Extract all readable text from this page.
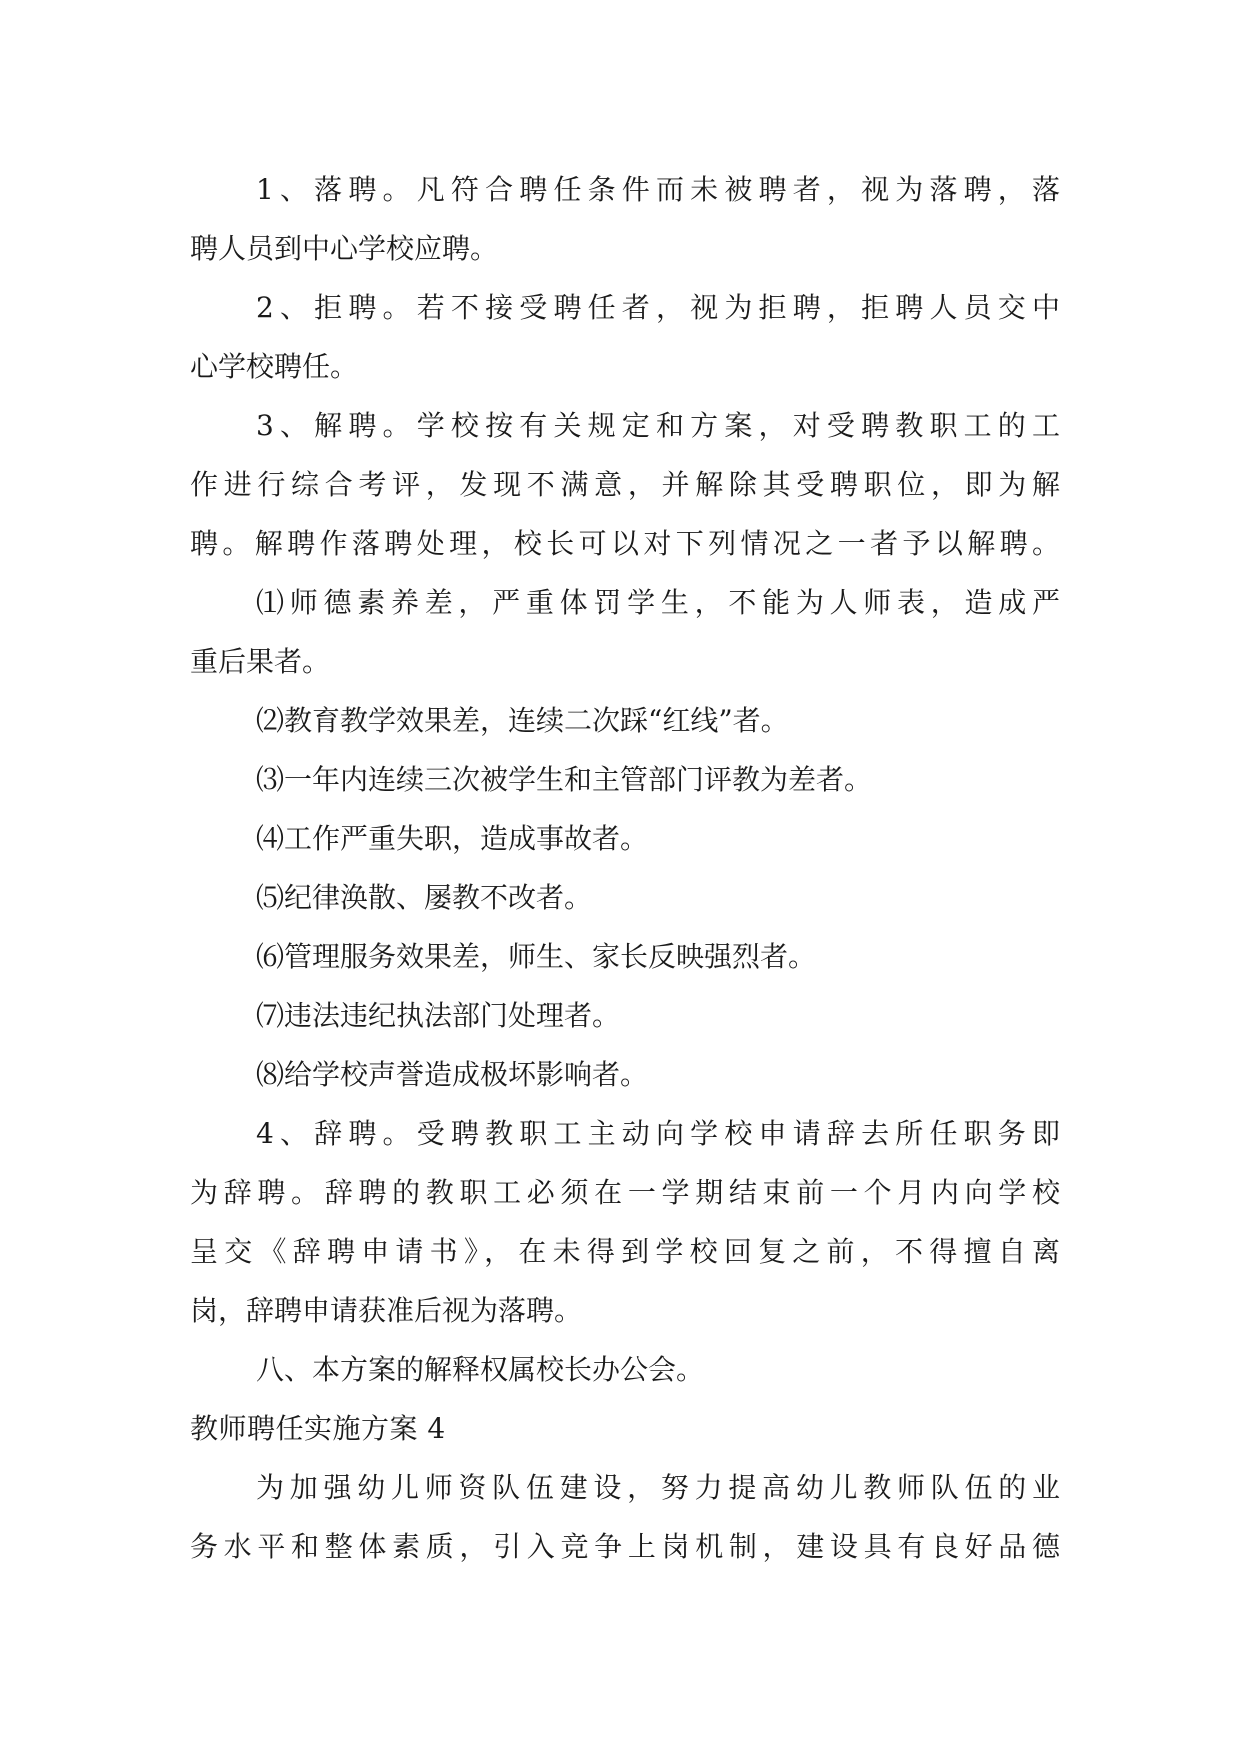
1、落聘。凡符合聘任条件而未被聘者，视为落聘，落
聘人员到中心学校应聘。
2、拒聘。若不接受聘任者，视为拒聘，拒聘人员交中
心学校聘任。
3、解聘。学校按有关规定和方案，对受聘教职工的工
作进行综合考评，发现不满意，并解除其受聘职位，即为解
聘。解聘作落聘处理，校长可以对下列情况之一者予以解聘。
⑴师德素养差，严重体罚学生，不能为人师表，造成严
重后果者。
⑵教育教学效果差，连续二次踩“红线”者。
⑶一年内连续三次被学生和主管部门评教为差者。
⑷工作严重失职，造成事故者。
⑸纪律涣散、屡教不改者。
⑹管理服务效果差，师生、家长反映强烈者。
⑺违法违纪执法部门处理者。
⑻给学校声誉造成极坏影响者。
4、辞聘。受聘教职工主动向学校申请辞去所任职务即
为辞聘。辞聘的教职工必须在一学期结束前一个月内向学校
呈交《辞聘申请书》，在未得到学校回复之前，不得擅自离
岗，辞聘申请获准后视为落聘。
八、本方案的解释权属校长办公会。
教师聘任实施方案 4
为加强幼儿师资队伍建设，努力提高幼儿教师队伍的业
务水平和整体素质，引入竞争上岗机制，建设具有良好品德
